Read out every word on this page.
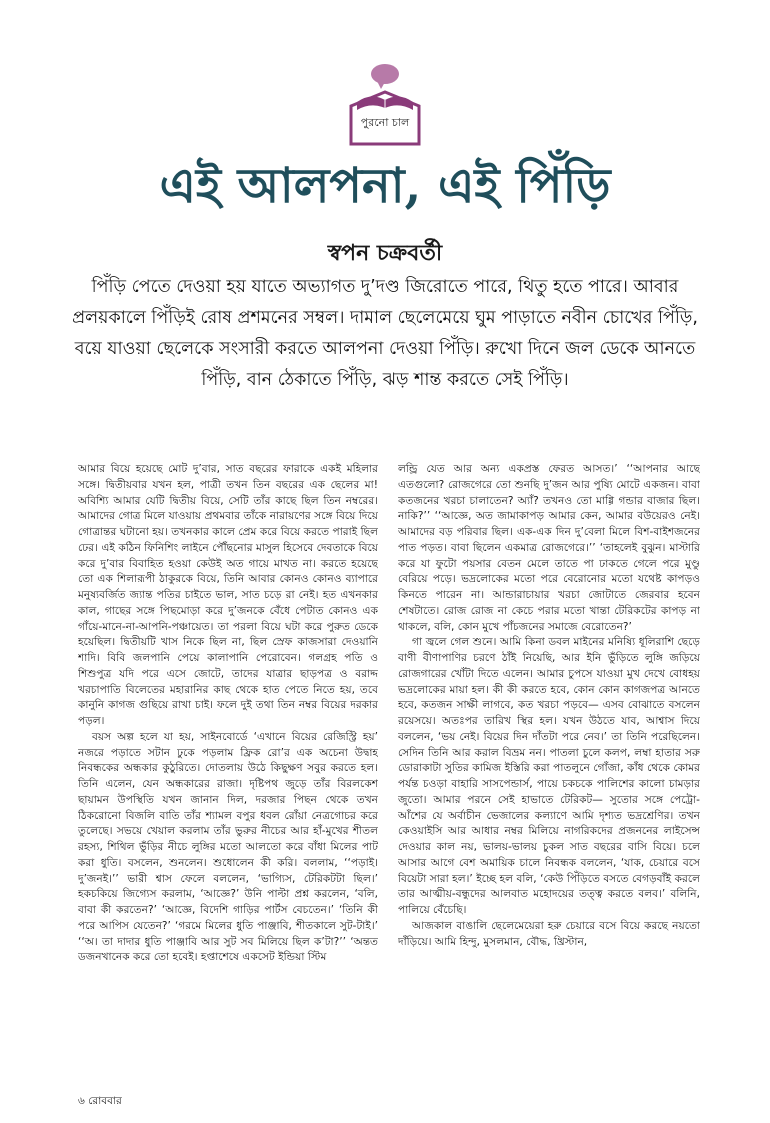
পুরনো চাল
এই আলপনা, এই পিঁড়ি
স্বপন চক্রবর্তী
পিঁড়ি পেতে দেওয়া হয় যাতে অভ্যাগত দু’দণ্ড জিরোতে পারে, থিতু হতে পারে। আবার প্রলয়কালে পিঁড়িই রোষ প্রশমনের সম্বল। দামাল ছেলেমেয়ে ঘুম পাড়াতে নবীন চোখের পিঁড়ি, বয়ে যাওয়া ছেলেকে সংসারী করতে আলপনা দেওয়া পিঁড়ি। রুখো দিনে জল ডেকে আনতে পিঁড়ি, বান ঠেকাতে পিঁড়ি, ঝড় শান্ত করতে সেই পিঁড়ি।

আমার বিয়ে হয়েছে মোট দু’বার, সাত বছরের ফারাকে একই মহিলার সঙ্গে। দ্বিতীয়বার যখন হল, পাত্রী তখন তিন বছরের এক ছেলের মা! অবিশ্যি আমার যেটি দ্বিতীয় বিয়ে, সেটি তাঁর কাছে ছিল তিন নম্বরের। আমাদের গোত্র মিলে যাওয়ায় প্রথমবার তাঁকে নারায়ণের সঙ্গে বিয়ে দিয়ে গোত্রান্তর ঘটানো হয়। তখনকার কালে প্রেম করে বিয়ে করতে পারাই ছিল ঢের। এই কঠিন ফিনিশিং লাইনে পৌঁছনোর মাসুল হিসেবে দেবতাকে বিয়ে করে দু’বার বিবাহিত হওয়া কেউই অত গায়ে মাখত না। করতে হয়েছে তো এক শিলারূপী ঠাকুরকে বিয়ে, তিনি আবার কোনও কোনও ব্যাপারে মনুষ্যবর্জিত জ্যান্ত পতির চাইতে ভাল, সাত চড়ে রা নেই। হত এখনকার কাল, গাছের সঙ্গে পিছমোড়া করে দু’জনকে বেঁধে পেটাত কোনও এক গাঁয়ে-মানে-না-আপনি-পঞ্চায়েত। তা পরলা বিয়ে ঘটা করে পুরুত ডেকে হয়েছিল। দ্বিতীয়টি খাস নিকে ছিল না, ছিল স্রেফ কাজসারা দেওয়ানি শাদি। বিবি জলপানি পেয়ে কালাপানি পেরোবেন। গলগ্রহ পতি ও শিশুপুত্র যদি পরে এসে জোটে, তাদের যাত্রার ছাড়পত্র ও বরাদ্দ খরচাপাতি বিলেতের মহারানির কাছ থেকে হাত পেতে নিতে হয়, তবে কানুনি কাগজ গুছিয়ে রাখা চাই। ফলে দুই তথা তিন নম্বর বিয়ের দরকার পড়ল।

বয়স অল্প হলে যা হয়, সাইনবোর্ডে ‘এখানে বিয়ের রেজিস্ট্রি হয়’ নজরে পড়াতে সটান ঢুকে পড়লাম ফ্রিক রো’র এক অচেনা উদ্বাহ নিবন্ধকের অন্ধকার কুঠুরিতে। দোতলায় উঠে কিছুক্ষণ সবুর করতে হল। তিনি এলেন, যেন অন্ধকারের রাজা। দৃষ্টিপথ জুড়ে তাঁর বিরলকেশ ছায়ামন উপস্থিতি যখন জানান দিল, দরজার পিছন থেকে তখন ঠিকরোনো বিজলি বাতি তাঁর শ্যামল বপুর ধবল রোঁয়া নেত্রগোচর করে তুলেছে। সভয়ে খেয়াল করলাম তাঁর ভুরুর নীচের আর হাঁ-মুখের শীতল রহস্য, শিথিল ভুঁড়ির নীচে লুঙ্গির মতো আলতো করে বাঁধা মিলের পাট করা ধুতি। বসলেন, শুনলেন। শুধোলেন কী করি। বললাম, ‘‘পড়াই। দু’জনই।’’ ভারী শ্বাস ফেলে বললেন, ‘ভাগ্যিস, টেরিকটটা ছিল।’ হকচকিয়ে জিগ্যেস করলাম, ‘আজ্ঞে?’ উনি পাল্টা প্রশ্ন করলেন, ‘বলি, বাবা কী করতেন?’ ‘আজ্ঞে, বিদেশি গাড়ির পার্টস বেচতেন।’ ‘তিনি কী পরে আপিস যেতেন?’ ‘গরমে মিলের ধুতি পাঞ্জাবি, শীতকালে সুট-টাই।’ ‘‘অ। তা দাদার ধুতি পাঞ্জাবি আর সুট সব মিলিয়ে ছিল ক’টা?’’ ‘অন্তত ডজনখানেক করে তো হবেই। হপ্তাশেষে একসেট ইন্ডিয়া স্টিম

লন্ড্রি যেত আর অন্য একপ্রস্ত ফেরত আসত।’ ‘‘আপনার আছে এতগুলো? রোজগেরে তো শুনছি দু’জন আর পুষ্যি মোটে একজন। বাবা কতজনের খরচা চালাতেন? অ্যাঁ? তখনও তো মাগ্গি গন্ডার বাজার ছিল। নাকি?’’ ‘‘আজ্ঞে, অত জামাকাপড় আমার কেন, আমার বউয়েরও নেই। আমাদের বড় পরিবার ছিল। এক-এক দিন দু’বেলা মিলে বিশ-বাইশজনের পাত পড়ত। বাবা ছিলেন একমাত্র রোজগেরে।’’ ‘তাহলেই বুঝুন। মাস্টারি করে যা ফুটো পয়সার বেতন মেলে তাতে পা ঢাকতে গেলে পরে মুণ্ডু বেরিয়ে পড়ে। ভদ্রলোকের মতো পরে বেরোনোর মতো যথেষ্ট কাপড়ও কিনতে পারেন না। আন্ডারাচায়ার খরচা জোটাতে জেরবার হবেন শেষটাতে। রোজ রোজ না কেচে পরার মতো খান্তা টেরিকটের কাপড় না থাকলে, বলি, কোন মুখে পাঁচজনের সমাজে বেরোতেন?’

গা জ্বলে গেল শুনে। আমি কিনা ডবল মাইনের মনিষ্যি ধূলিরাশি ছেড়ে বাণী বীণাপাণির চরণে ঠাঁই নিয়েছি, আর ইনি ভুঁড়িতে লুঙ্গি জড়িয়ে রোজগারের খোঁটা দিতে এলেন। আমার চুপসে যাওয়া মুখ দেখে বোধহয় ভদ্রলোকের মায়া হল। কী কী করতে হবে, কোন কোন কাগজপত্র আনতে হবে, কতজন সাক্ষী লাগবে, কত খরচা পড়বে— এসব বোঝাতে বসলেন রয়েসয়ে। অতঃপর তারিখ স্থির হল। যখন উঠতে যাব, আশ্বাস দিয়ে বললেন, ‘ভয় নেই। বিয়ের দিন দাঁতটা পরে নেব।’ তা তিনি পরেছিলেন। সেদিন তিনি আর করাল বিভ্রম নন। পাতলা চুলে কলপ, লম্বা হাতার সরু ডোরাকাটা সুতির কামিজ ইস্তিরি করা পাতলুনে গোঁজা, কাঁধ থেকে কোমর পর্যন্ত চওড়া বাহারি সাসপেন্ডার্স, পায়ে চকচকে পালিশের কালো চামড়ার জুতো। আমার পরনে সেই হাভাতে টেরিকট— সুতোর সঙ্গে পেট্রো-আঁশের যে অর্বাচীন ভেজালের কল্যাণে আমি দৃশ্যত ভদ্রশ্রেণির। তখন কেওয়াইসি আর আধার নম্বর মিলিয়ে নাগরিকদের প্রজননের লাইসেন্স দেওয়ার কাল নয়, ভালয়-ভালয় চুকল সাত বছরের বাসি বিয়ে। চলে আসার আগে বেশ অমায়িক চালে নিবন্ধক বললেন, ‘যাক, চেয়ারে বসে বিয়েটা সারা হল।’ ইচ্ছে হল বলি, ‘কেউ পিঁড়িতে বসতে বেগড়বাঁই করলে তার আত্মীয়-বন্ধুদের আলবাত মহোদয়ের তত্ত্ব করতে বলব।’ বলিনি, পালিয়ে বেঁচেছি।

আজকাল বাঙালি ছেলেমেয়েরা হরু চেয়ারে বসে বিয়ে করছে নয়তো দাঁড়িয়ে। আমি হিন্দু, মুসলমান, বৌদ্ধ, খ্রিস্টান,

৬ রোববার
